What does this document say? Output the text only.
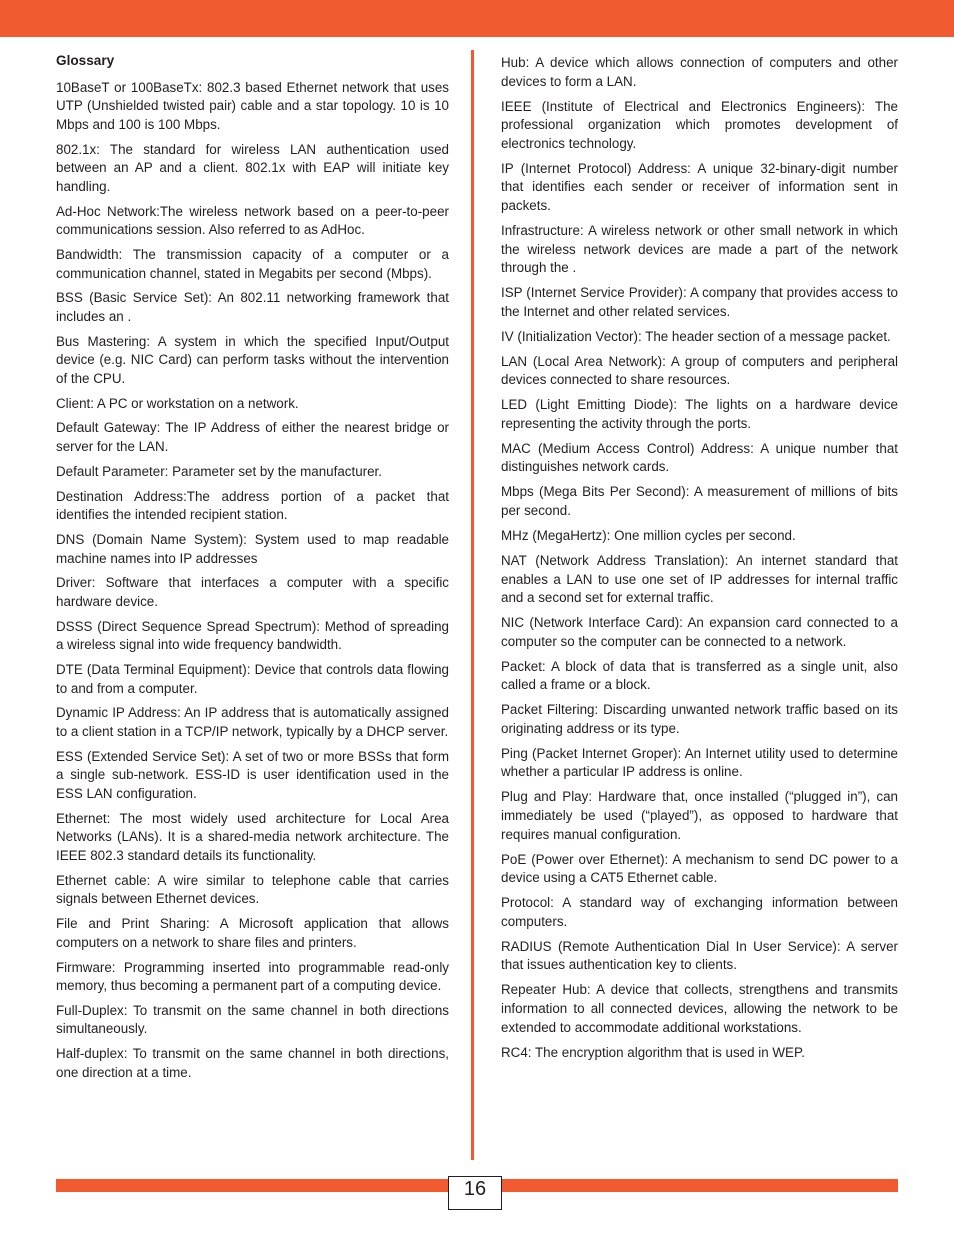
Glossary
10BaseT or 100BaseTx: 802.3 based Ethernet network that uses UTP (Unshielded twisted pair) cable and a star topology. 10 is 10 Mbps and 100 is 100 Mbps.
802.1x: The standard for wireless LAN authentication used between an AP and a client. 802.1x with EAP will initiate key handling.
Ad-Hoc Network:The wireless network based on a peer-to-peer communications session. Also referred to as AdHoc.
Bandwidth: The transmission capacity of a computer or a communication channel, stated in Megabits per second (Mbps).
BSS (Basic Service Set): An 802.11 networking framework that includes an .
Bus Mastering: A system in which the specified Input/Output device (e.g. NIC Card) can perform tasks without the intervention of the CPU.
Client: A PC or workstation on a network.
Default Gateway: The IP Address of either the nearest bridge or server for the LAN.
Default Parameter: Parameter set by the manufacturer.
Destination Address:The address portion of a packet that identifies the intended recipient station.
DNS (Domain Name System): System used to map readable machine names into IP addresses
Driver: Software that interfaces a computer with a specific hardware device.
DSSS (Direct Sequence Spread Spectrum): Method of spreading a wireless signal into wide frequency bandwidth.
DTE (Data Terminal Equipment): Device that controls data flowing to and from a computer.
Dynamic IP Address: An IP address that is automatically assigned to a client station in a TCP/IP network, typically by a DHCP server.
ESS (Extended Service Set): A set of two or more BSSs that form a single sub-network. ESS-ID is user identification used in the ESS LAN configuration.
Ethernet: The most widely used architecture for Local Area Networks (LANs). It is a shared-media network architecture. The IEEE 802.3 standard details its functionality.
Ethernet cable: A wire similar to telephone cable that carries signals between Ethernet devices.
File and Print Sharing: A Microsoft application that allows computers on a network to share files and printers.
Firmware: Programming inserted into programmable read-only memory, thus becoming a permanent part of a computing device.
Full-Duplex: To transmit on the same channel in both directions simultaneously.
Half-duplex: To transmit on the same channel in both directions, one direction at a time.
Hub: A device which allows connection of computers and other devices to form a LAN.
IEEE (Institute of Electrical and Electronics Engineers): The professional organization which promotes development of electronics technology.
IP (Internet Protocol) Address: A unique 32-binary-digit number that identifies each sender or receiver of information sent in packets.
Infrastructure: A wireless network or other small network in which the wireless network devices are made a part of the network through the .
ISP (Internet Service Provider): A company that provides access to the Internet and other related services.
IV (Initialization Vector): The header section of a message packet.
LAN (Local Area Network): A group of computers and peripheral devices connected to share resources.
LED (Light Emitting Diode): The lights on a hardware device representing the activity through the ports.
MAC (Medium Access Control) Address: A unique number that distinguishes network cards.
Mbps (Mega Bits Per Second): A measurement of millions of bits per second.
MHz (MegaHertz): One million cycles per second.
NAT (Network Address Translation): An internet standard that enables a LAN to use one set of IP addresses for internal traffic and a second set for external traffic.
NIC (Network Interface Card): An expansion card connected to a computer so the computer can be connected to a network.
Packet: A block of data that is transferred as a single unit, also called a frame or a block.
Packet Filtering: Discarding unwanted network traffic based on its originating address or its type.
Ping (Packet Internet Groper): An Internet utility used to determine whether a particular IP address is online.
Plug and Play: Hardware that, once installed (“plugged in”), can immediately be used (“played”), as opposed to hardware that requires manual configuration.
PoE (Power over Ethernet): A mechanism to send DC power to a device using a CAT5 Ethernet cable.
Protocol: A standard way of exchanging information between computers.
RADIUS (Remote Authentication Dial In User Service): A server that issues authentication key to clients.
Repeater Hub: A device that collects, strengthens and transmits information to all connected devices, allowing the network to be extended to accommodate additional workstations.
RC4: The encryption algorithm that is used in WEP.
16
